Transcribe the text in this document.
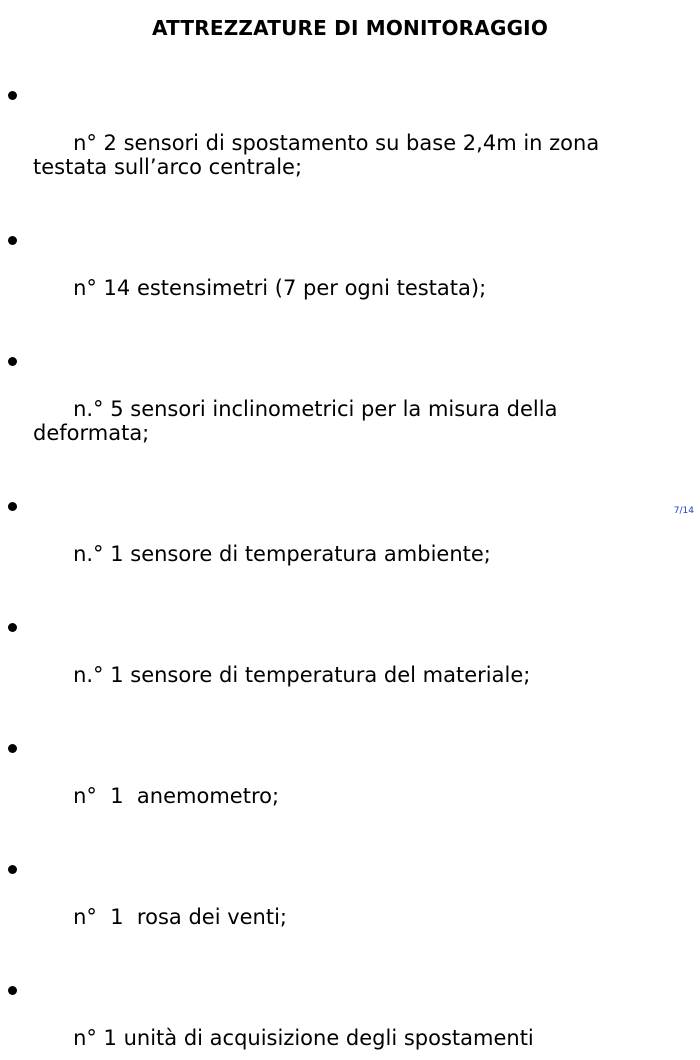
ATTREZZATURE DI MONITORAGGIO

n° 2 sensori di spostamento su base 2,4m in zona testata sull’arco centrale;

n° 14 estensimetri (7 per ogni testata);

n.° 5 sensori inclinometrici per la misura della deformata;

n.° 1 sensore di temperatura ambiente;

n.° 1 sensore di temperatura del materiale;

n°  1  anemometro;

n°  1  rosa dei venti;

n° 1 unità di acquisizione degli spostamenti

7/14
